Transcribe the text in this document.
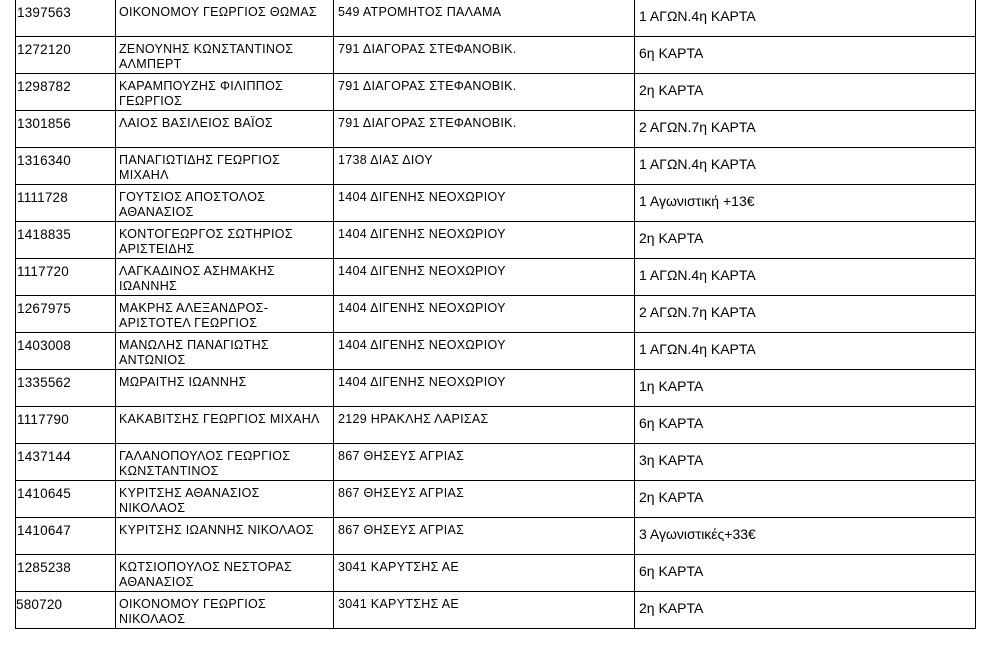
1397563	ΟΙΚΟΝΟΜΟΥ ΓΕΩΡΓΙΟΣ ΘΩΜΑΣ	549 ΑΤΡΟΜΗΤΟΣ ΠΑΛΑΜΑ	1 ΑΓΩΝ.4η ΚΑΡΤΑ

1272120	ΖΕΝΟΥΝΗΣ ΚΩΝΣΤΑΝΤΙΝΟΣ
ΑΛΜΠΕΡΤ	791 ΔΙΑΓΟΡΑΣ ΣΤΕΦΑΝΟΒΙΚ.	6η ΚΑΡΤΑ

1298782	ΚΑΡΑΜΠΟΥΖΗΣ ΦΙΛΙΠΠΟΣ
ΓΕΩΡΓΙΟΣ	791 ΔΙΑΓΟΡΑΣ ΣΤΕΦΑΝΟΒΙΚ.	2η ΚΑΡΤΑ

1301856	ΛΑΙΟΣ ΒΑΣΙΛΕΙΟΣ ΒΑΪΟΣ	791 ΔΙΑΓΟΡΑΣ ΣΤΕΦΑΝΟΒΙΚ.	2 ΑΓΩΝ.7η ΚΑΡΤΑ

1316340	ΠΑΝΑΓΙΩΤΙΔΗΣ ΓΕΩΡΓΙΟΣ
ΜΙΧΑΗΛ	1738 ΔΙΑΣ ΔΙΟΥ	1 ΑΓΩΝ.4η ΚΑΡΤΑ

1111728	ΓΟΥΤΣΙΟΣ ΑΠΟΣΤΟΛΟΣ
ΑΘΑΝΑΣΙΟΣ	1404 ΔΙΓΕΝΗΣ ΝΕΟΧΩΡΙΟΥ	1 Αγωνιστική +13€

1418835	ΚΟΝΤΟΓΕΩΡΓΟΣ ΣΩΤΗΡΙΟΣ
ΑΡΙΣΤΕΙΔΗΣ	1404 ΔΙΓΕΝΗΣ ΝΕΟΧΩΡΙΟΥ	2η ΚΑΡΤΑ

1117720	ΛΑΓΚΑΔΙΝΟΣ ΑΣΗΜΑΚΗΣ
ΙΩΑΝΝΗΣ	1404 ΔΙΓΕΝΗΣ ΝΕΟΧΩΡΙΟΥ	1 ΑΓΩΝ.4η ΚΑΡΤΑ

1267975	ΜΑΚΡΗΣ ΑΛΕΞΑΝΔΡΟΣ-
ΑΡΙΣΤΟΤΕΛ ΓΕΩΡΓΙΟΣ	1404 ΔΙΓΕΝΗΣ ΝΕΟΧΩΡΙΟΥ	2 ΑΓΩΝ.7η ΚΑΡΤΑ

1403008	ΜΑΝΩΛΗΣ ΠΑΝΑΓΙΩΤΗΣ
ΑΝΤΩΝΙΟΣ	1404 ΔΙΓΕΝΗΣ ΝΕΟΧΩΡΙΟΥ	1 ΑΓΩΝ.4η ΚΑΡΤΑ

1335562	ΜΩΡΑΙΤΗΣ ΙΩΑΝΝΗΣ	1404 ΔΙΓΕΝΗΣ ΝΕΟΧΩΡΙΟΥ	1η ΚΑΡΤΑ

1117790	ΚΑΚΑΒΙΤΣΗΣ ΓΕΩΡΓΙΟΣ ΜΙΧΑΗΛ	2129 ΗΡΑΚΛΗΣ ΛΑΡΙΣΑΣ	6η ΚΑΡΤΑ

1437144	ΓΑΛΑΝΟΠΟΥΛΟΣ ΓΕΩΡΓΙΟΣ
ΚΩΝΣΤΑΝΤΙΝΟΣ	867 ΘΗΣΕΥΣ ΑΓΡΙΑΣ	3η ΚΑΡΤΑ

1410645	ΚΥΡΙΤΣΗΣ ΑΘΑΝΑΣΙΟΣ
ΝΙΚΟΛΑΟΣ	867 ΘΗΣΕΥΣ ΑΓΡΙΑΣ	2η ΚΑΡΤΑ

1410647	ΚΥΡΙΤΣΗΣ ΙΩΑΝΝΗΣ ΝΙΚΟΛΑΟΣ	867 ΘΗΣΕΥΣ ΑΓΡΙΑΣ	3 Αγωνιστικές+33€

1285238	ΚΩΤΣΙΟΠΟΥΛΟΣ ΝΕΣΤΟΡΑΣ
ΑΘΑΝΑΣΙΟΣ	3041 ΚΑΡΥΤΣΗΣ ΑΕ	6η ΚΑΡΤΑ

580720	ΟΙΚΟΝΟΜΟΥ ΓΕΩΡΓΙΟΣ
ΝΙΚΟΛΑΟΣ	3041 ΚΑΡΥΤΣΗΣ ΑΕ	2η ΚΑΡΤΑ
